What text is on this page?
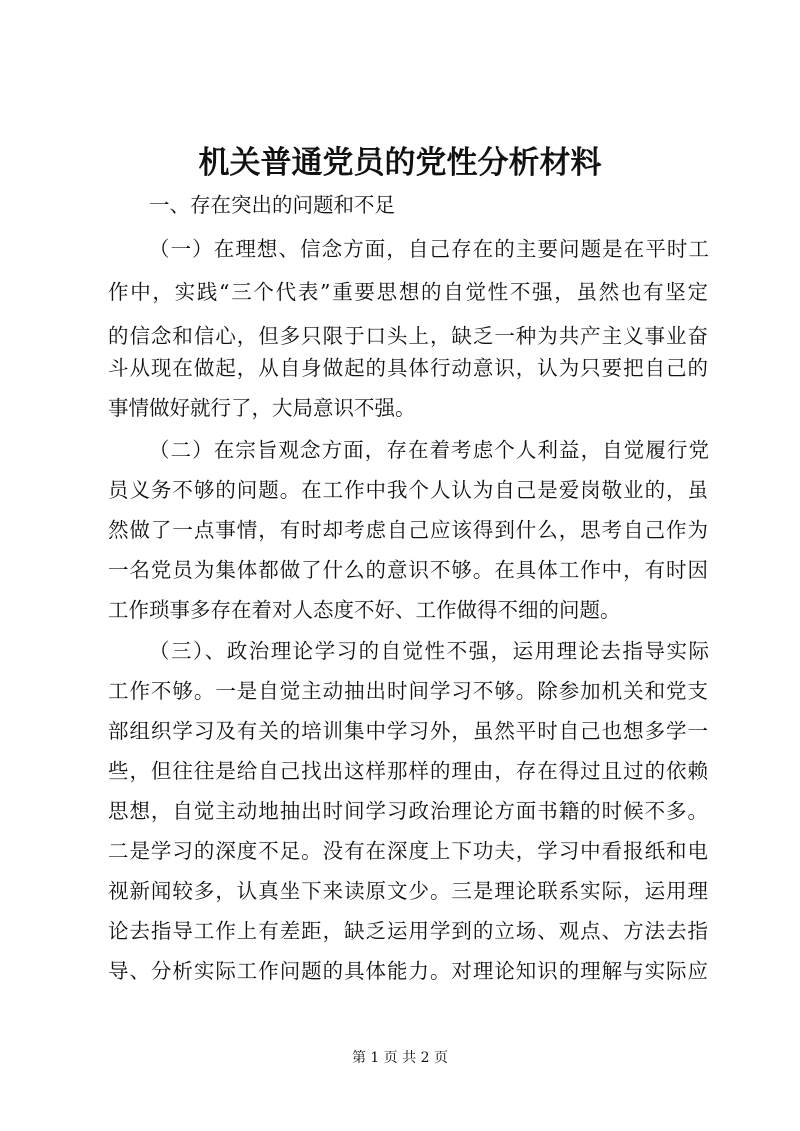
机关普通党员的党性分析材料
一、存在突出的问题和不足
（一）在理想、信念方面，自己存在的主要问题是在平时工
作中，实践“三个代表”重要思想的自觉性不强，虽然也有坚定
的信念和信心，但多只限于口头上，缺乏一种为共产主义事业奋
斗从现在做起，从自身做起的具体行动意识，认为只要把自己的
事情做好就行了，大局意识不强。
（二）在宗旨观念方面，存在着考虑个人利益，自觉履行党
员义务不够的问题。在工作中我个人认为自己是爱岗敬业的，虽
然做了一点事情，有时却考虑自己应该得到什么，思考自己作为
一名党员为集体都做了什么的意识不够。在具体工作中，有时因
工作琐事多存在着对人态度不好、工作做得不细的问题。
（三）、政治理论学习的自觉性不强，运用理论去指导实际
工作不够。一是自觉主动抽出时间学习不够。除参加机关和党支
部组织学习及有关的培训集中学习外，虽然平时自己也想多学一
些，但往往是给自己找出这样那样的理由，存在得过且过的依赖
思想，自觉主动地抽出时间学习政治理论方面书籍的时候不多。
二是学习的深度不足。没有在深度上下功夫，学习中看报纸和电
视新闻较多，认真坐下来读原文少。三是理论联系实际，运用理
论去指导工作上有差距，缺乏运用学到的立场、观点、方法去指
导、分析实际工作问题的具体能力。对理论知识的理解与实际应
第 1 页 共 2 页
